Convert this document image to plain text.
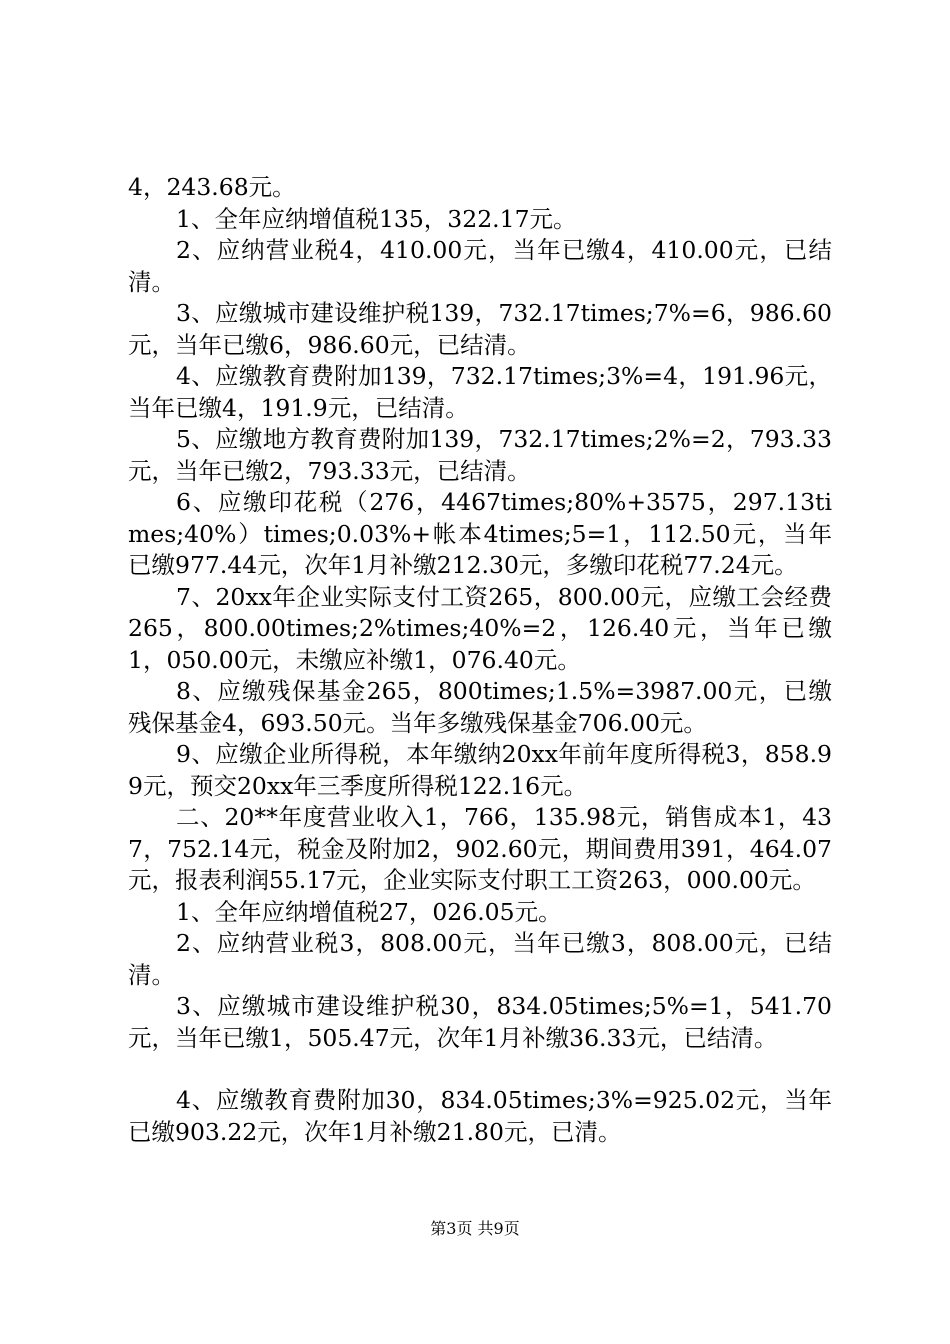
4，243.68元。

1、全年应纳增值税135，322.17元。

2、应纳营业税4，410.00元，当年已缴4，410.00元，已结清。

3、应缴城市建设维护税139，732.17times;7%=6，986.60元，当年已缴6，986.60元，已结清。

4、应缴教育费附加139，732.17times;3%=4，191.96元，当年已缴4，191.9元，已结清。

5、应缴地方教育费附加139，732.17times;2%=2，793.33元，当年已缴2，793.33元，已结清。

6、应缴印花税（276，4467times;80%+3575，297.13times;40%）times;0.03%+帐本4times;5=1，112.50元，当年已缴977.44元，次年1月补缴212.30元，多缴印花税77.24元。

7、20xx年企业实际支付工资265，800.00元，应缴工会经费265，800.00times;2%times;40%=2，126.40元，当年已缴1，050.00元，未缴应补缴1，076.40元。

8、应缴残保基金265，800times;1.5%=3987.00元，已缴残保基金4，693.50元。当年多缴残保基金706.00元。

9、应缴企业所得税，本年缴纳20xx年前年度所得税3，858.99元，预交20xx年三季度所得税122.16元。

二、20**年度营业收入1，766，135.98元，销售成本1，437，752.14元，税金及附加2，902.60元，期间费用391，464.07元，报表利润55.17元，企业实际支付职工工资263，000.00元。

1、全年应纳增值税27，026.05元。

2、应纳营业税3，808.00元，当年已缴3，808.00元，已结清。

3、应缴城市建设维护税30，834.05times;5%=1，541.70元，当年已缴1，505.47元，次年1月补缴36.33元，已结清。

4、应缴教育费附加30，834.05times;3%=925.02元，当年已缴903.22元，次年1月补缴21.80元，已清。

第3页 共9页
